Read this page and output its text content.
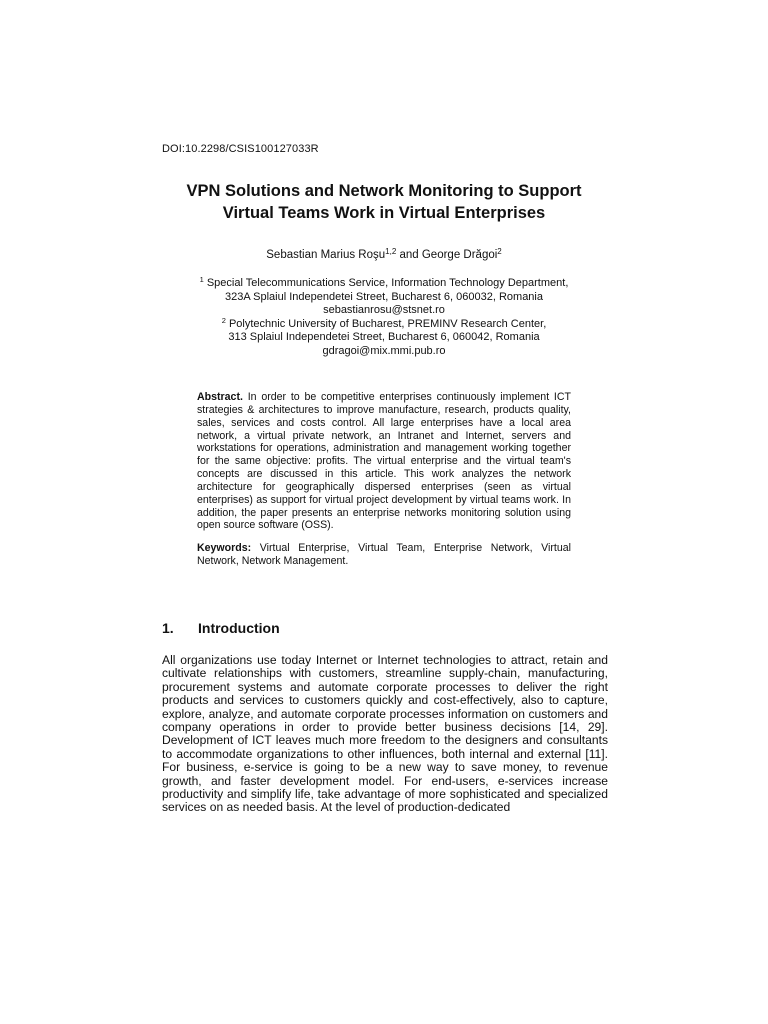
DOI:10.2298/CSIS100127033R
VPN Solutions and Network Monitoring to Support
Virtual Teams Work in Virtual Enterprises
Sebastian Marius Roşu$^{1,2}$ and George Drăgoi$^2$
$^1$ Special Telecommunications Service, Information Technology Department,
323A Splaiul Independetei Street, Bucharest 6, 060032, Romania
sebastianrosu@stsnet.ro
$^2$ Polytechnic University of Bucharest, PREMINV Research Center,
313 Splaiul Independetei Street, Bucharest 6, 060042, Romania
gdragoi@mix.mmi.pub.ro

Abstract. In order to be competitive enterprises continuously implement ICT strategies & architectures to improve manufacture, research, products quality, sales, services and costs control. All large enterprises have a local area network, a virtual private network, an Intranet and Internet, servers and workstations for operations, administration and management working together for the same objective: profits. The virtual enterprise and the virtual team's concepts are discussed in this article. This work analyzes the network architecture for geographically dispersed enterprises (seen as virtual enterprises) as support for virtual project development by virtual teams work. In addition, the paper presents an enterprise networks monitoring solution using open source software (OSS).

Keywords: Virtual Enterprise, Virtual Team, Enterprise Network, Virtual Network, Network Management.

1. Introduction

All organizations use today Internet or Internet technologies to attract, retain and cultivate relationships with customers, streamline supply-chain, manufacturing, procurement systems and automate corporate processes to deliver the right products and services to customers quickly and cost-effectively, also to capture, explore, analyze, and automate corporate processes information on customers and company operations in order to provide better business decisions [14, 29]. Development of ICT leaves much more freedom to the designers and consultants to accommodate organizations to other influences, both internal and external [11]. For business, e-service is going to be a new way to save money, to revenue growth, and faster development model. For end-users, e-services increase productivity and simplify life, take advantage of more sophisticated and specialized services on as needed basis. At the level of production-dedicated
